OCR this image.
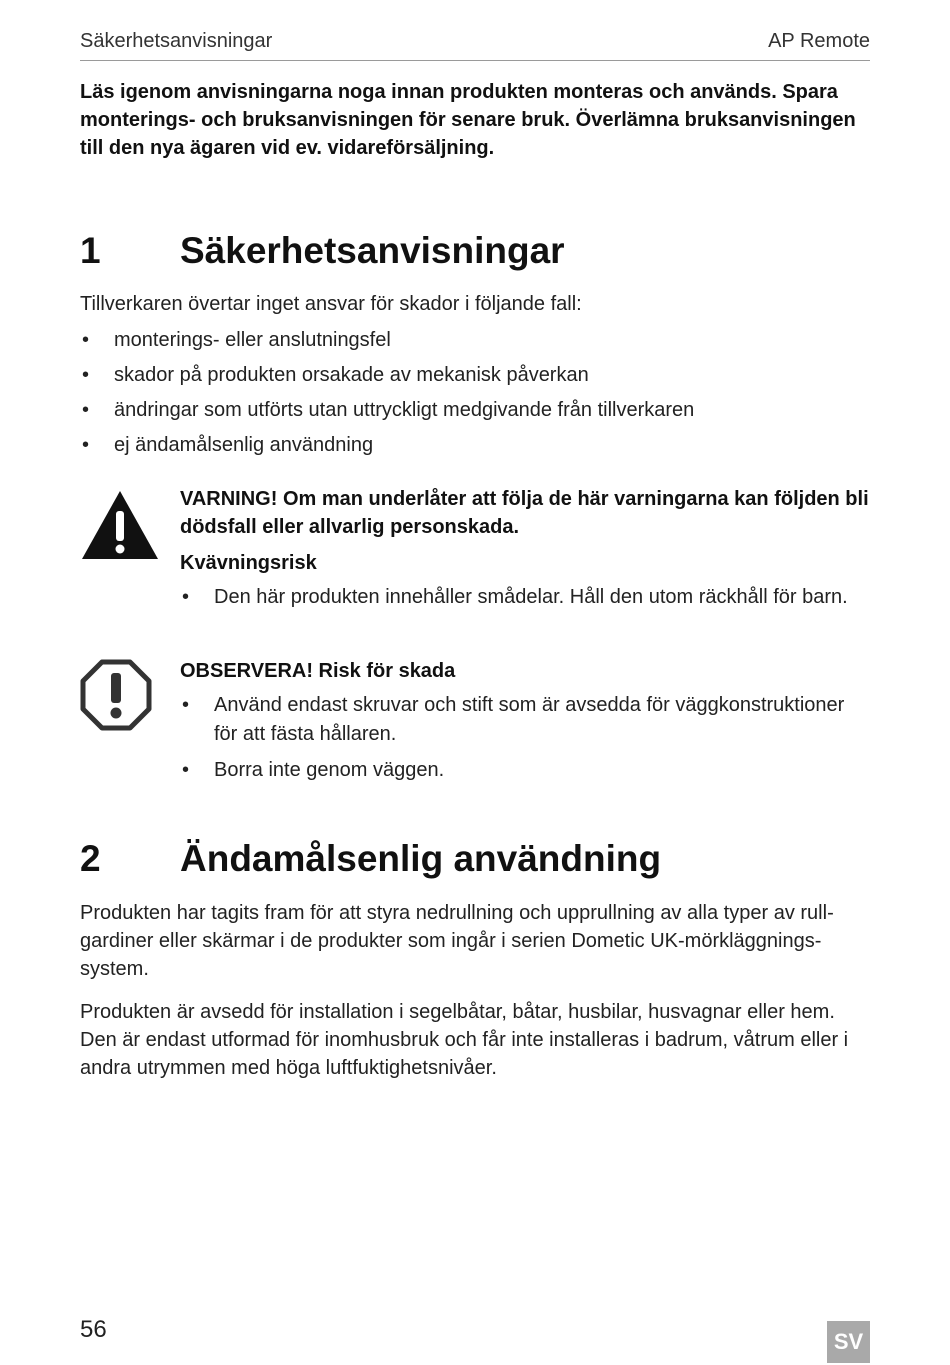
Säkerhetsanvisningar	AP Remote
Läs igenom anvisningarna noga innan produkten monteras och används. Spara monterings- och bruksanvisningen för senare bruk. Överlämna bruksanvisningen till den nya ägaren vid ev. vidareförsäljning.
1 Säkerhetsanvisningar
Tillverkaren övertar inget ansvar för skador i följande fall:
• monterings- eller anslutningsfel
• skador på produkten orsakade av mekanisk påverkan
• ändringar som utförts utan uttryckligt medgivande från tillverkaren
• ej ändamålsenlig användning
VARNING! Om man underlåter att följa de här varningarna kan följden bli dödsfall eller allvarlig personskada.
Kvävningsrisk
• Den här produkten innehåller smådelar. Håll den utom räckhåll för barn.
OBSERVERA! Risk för skada
• Använd endast skruvar och stift som är avsedda för väggkonstruktioner för att fästa hållaren.
• Borra inte genom väggen.
2 Ändamålsenlig användning
Produkten har tagits fram för att styra nedrullning och upprullning av alla typer av rullgardiner eller skärmar i de produkter som ingår i serien Dometic UK-mörkläggningssystem.
Produkten är avsedd för installation i segelbåtar, båtar, husbilar, husvagnar eller hem. Den är endast utformad för inomhusbruk och får inte installeras i badrum, våtrum eller i andra utrymmen med höga luftfuktighetsnivåer.
56	SV
